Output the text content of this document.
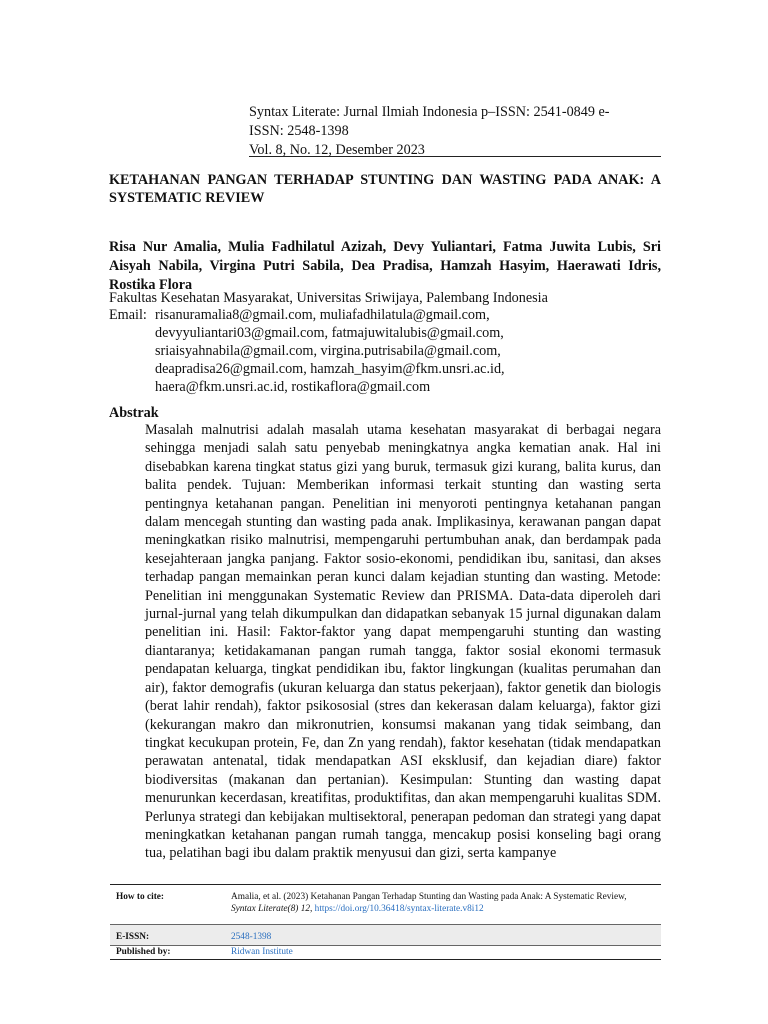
Syntax Literate: Jurnal Ilmiah Indonesia p–ISSN: 2541-0849 e-
ISSN: 2548-1398
Vol. 8, No. 12, Desember 2023
KETAHANAN PANGAN TERHADAP STUNTING DAN WASTING PADA ANAK: A SYSTEMATIC REVIEW
Risa Nur Amalia, Mulia Fadhilatul Azizah, Devy Yuliantari, Fatma Juwita Lubis, Sri Aisyah Nabila, Virgina Putri Sabila, Dea Pradisa, Hamzah Hasyim, Haerawati Idris, Rostika Flora
Fakultas Kesehatan Masyarakat, Universitas Sriwijaya, Palembang Indonesia
Email: risanuramalia8@gmail.com, muliafadhilatula@gmail.com,
devyyuliantari03@gmail.com, fatmajuwitalubis@gmail.com,
sriaisyahnabila@gmail.com, virgina.putrisabila@gmail.com,
deapradisa26@gmail.com, hamzah_hasyim@fkm.unsri.ac.id,
haera@fkm.unsri.ac.id, rostikaflora@gmail.com
Abstrak
Masalah malnutrisi adalah masalah utama kesehatan masyarakat di berbagai negara sehingga menjadi salah satu penyebab meningkatnya angka kematian anak. Hal ini disebabkan karena tingkat status gizi yang buruk, termasuk gizi kurang, balita kurus, dan balita pendek. Tujuan: Memberikan informasi terkait stunting dan wasting serta pentingnya ketahanan pangan. Penelitian ini menyoroti pentingnya ketahanan pangan dalam mencegah stunting dan wasting pada anak. Implikasinya, kerawanan pangan dapat meningkatkan risiko malnutrisi, mempengaruhi pertumbuhan anak, dan berdampak pada kesejahteraan jangka panjang. Faktor sosio-ekonomi, pendidikan ibu, sanitasi, dan akses terhadap pangan memainkan peran kunci dalam kejadian stunting dan wasting. Metode: Penelitian ini menggunakan Systematic Review dan PRISMA. Data-data diperoleh dari jurnal-jurnal yang telah dikumpulkan dan didapatkan sebanyak 15 jurnal digunakan dalam penelitian ini. Hasil: Faktor-faktor yang dapat mempengaruhi stunting dan wasting diantaranya; ketidakamanan pangan rumah tangga, faktor sosial ekonomi termasuk pendapatan keluarga, tingkat pendidikan ibu, faktor lingkungan (kualitas perumahan dan air), faktor demografis (ukuran keluarga dan status pekerjaan), faktor genetik dan biologis (berat lahir rendah), faktor psikososial (stres dan kekerasan dalam keluarga), faktor gizi (kekurangan makro dan mikronutrien, konsumsi makanan yang tidak seimbang, dan tingkat kecukupan protein, Fe, dan Zn yang rendah), faktor kesehatan (tidak mendapatkan perawatan antenatal, tidak mendapatkan ASI eksklusif, dan kejadian diare) faktor biodiversitas (makanan dan pertanian). Kesimpulan: Stunting dan wasting dapat menurunkan kecerdasan, kreatifitas, produktifitas, dan akan mempengaruhi kualitas SDM. Perlunya strategi dan kebijakan multisektoral, penerapan pedoman dan strategi yang dapat meningkatkan ketahanan pangan rumah tangga, mencakup posisi konseling bagi orang tua, pelatihan bagi ibu dalam praktik menyusui dan gizi, serta kampanye
How to cite:	Amalia, et al. (2023) Ketahanan Pangan Terhadap Stunting dan Wasting pada Anak: A Systematic Review,
Syntax Literate(8) 12, https://doi.org/10.36418/syntax-literate.v8i12
E-ISSN:	2548-1398
Published by:	Ridwan Institute
